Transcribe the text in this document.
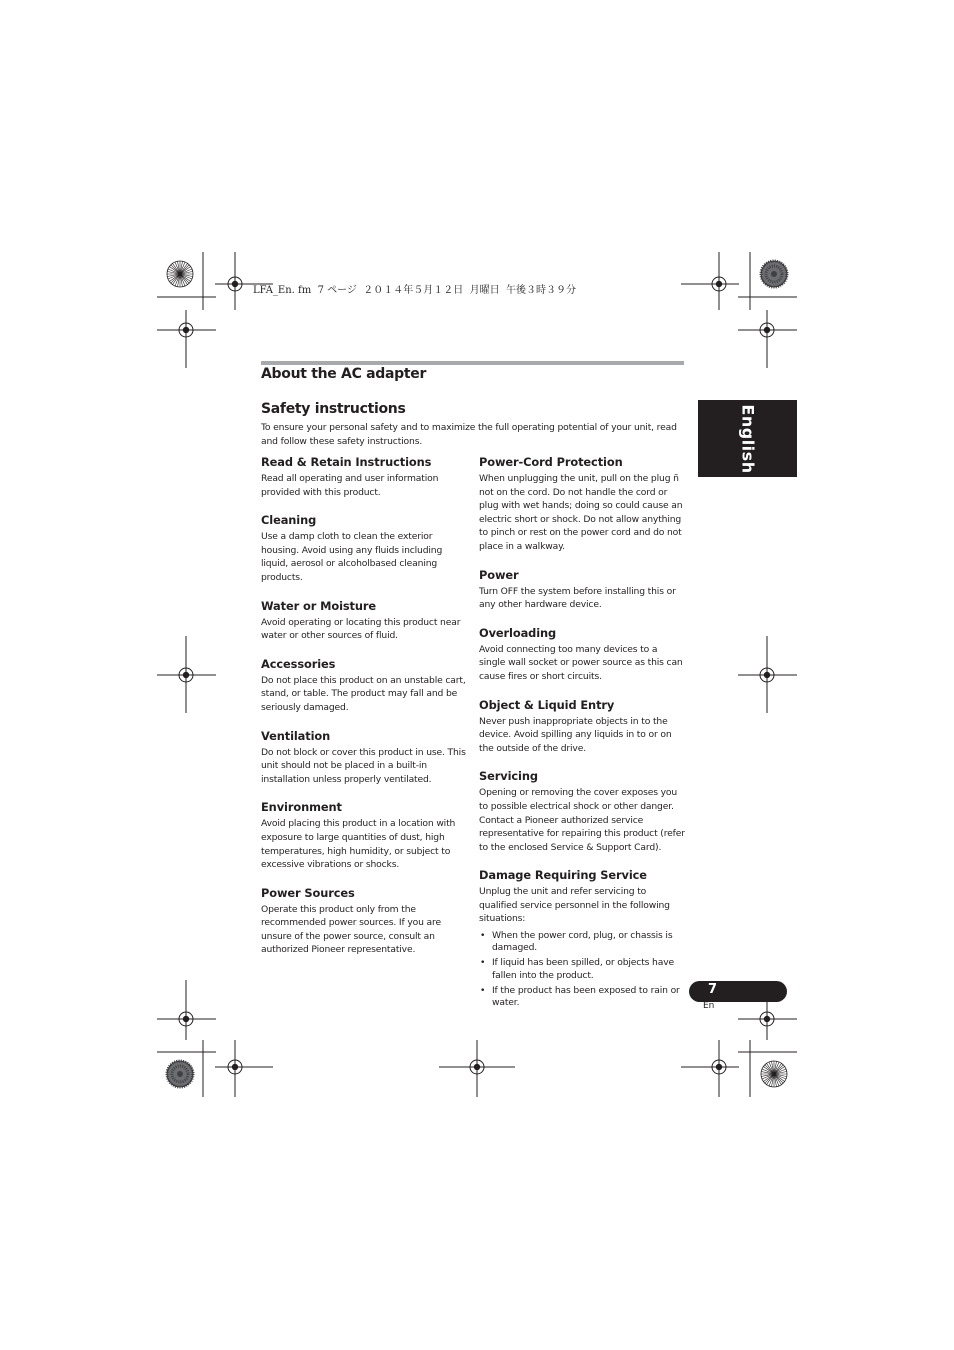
LFA_En. fm  7 ページ  ２０１４年５月１２日  月曜日  午後３時３９分
About the AC adapter
Safety instructions
To ensure your personal safety and to maximize the full operating potential of your unit, read and follow these safety instructions.
Read & Retain Instructions
Read all operating and user information provided with this product.
Cleaning
Use a damp cloth to clean the exterior housing. Avoid using any fluids including liquid, aerosol or alcoholbased cleaning products.
Water or Moisture
Avoid operating or locating this product near water or other sources of fluid.
Accessories
Do not place this product on an unstable cart, stand, or table. The product may fall and be seriously damaged.
Ventilation
Do not block or cover this product in use. This unit should not be placed in a built-in installation unless properly ventilated.
Environment
Avoid placing this product in a location with exposure to large quantities of dust, high temperatures, high humidity, or subject to excessive vibrations or shocks.
Power Sources
Operate this product only from the recommended power sources. If you are unsure of the power source, consult an authorized Pioneer representative.
Power-Cord Protection
When unplugging the unit, pull on the plug ñ not on the cord. Do not handle the cord or plug with wet hands; doing so could cause an electric short or shock. Do not allow anything to pinch or rest on the power cord and do not place in a walkway.
Power
Turn OFF the system before installing this or any other hardware device.
Overloading
Avoid connecting too many devices to a single wall socket or power source as this can cause fires or short circuits.
Object & Liquid Entry
Never push inappropriate objects in to the device. Avoid spilling any liquids in to or on the outside of the drive.
Servicing
Opening or removing the cover exposes you to possible electrical shock or other danger. Contact a Pioneer authorized service representative for repairing this product (refer to the enclosed Service & Support Card).
Damage Requiring Service
Unplug the unit and refer servicing to qualified service personnel in the following situations:
• When the power cord, plug, or chassis is damaged.
• If liquid has been spilled, or objects have fallen into the product.
• If the product has been exposed to rain or water.
English
7
En
